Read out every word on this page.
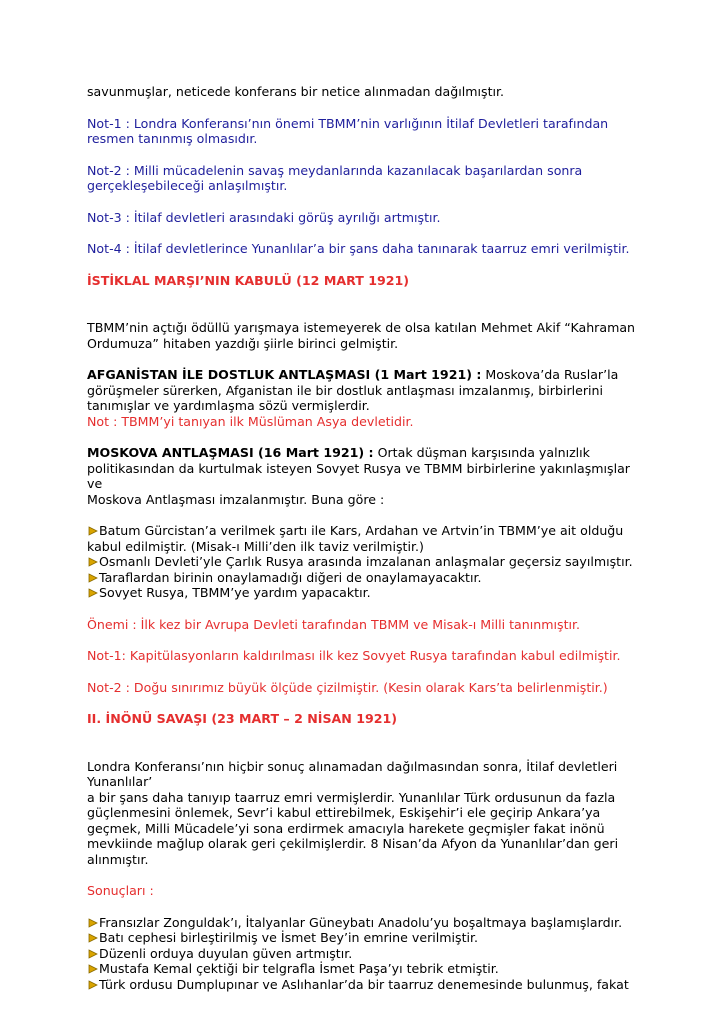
savunmuşlar, neticede konferans bir netice alınmadan dağılmıştır.

Not-1 : Londra Konferansı’nın önemi TBMM’nin varlığının İtilaf Devletleri tarafından

resmen tanınmış olmasıdır.

Not-2 : Milli mücadelenin savaş meydanlarında kazanılacak başarılardan sonra

gerçekleşebileceği anlaşılmıştır.

Not-3 : İtilaf devletleri arasındaki görüş ayrılığı artmıştır.

Not-4 : İtilaf devletlerince Yunanlılar’a bir şans daha tanınarak taarruz emri verilmiştir.

İSTİKLAL MARŞI’NIN KABULÜ (12 MART 1921)

TBMM’nin açtığı ödüllü yarışmaya istemeyerek de olsa katılan Mehmet Akif “Kahraman

Ordumuza” hitaben yazdığı şiirle birinci gelmiştir.

AFGANİSTAN İLE DOSTLUK ANTLAŞMASI (1 Mart 1921) : Moskova’da Ruslar’la

görüşmeler sürerken, Afganistan ile bir dostluk antlaşması imzalanmış, birbirlerini

tanımışlar ve yardımlaşma sözü vermişlerdir.

Not : TBMM’yi tanıyan ilk Müslüman Asya devletidir.

MOSKOVA ANTLAŞMASI (16 Mart 1921) : Ortak düşman karşısında yalnızlık

politikasından da kurtulmak isteyen Sovyet Rusya ve TBMM birbirlerine yakınlaşmışlar ve

Moskova Antlaşması imzalanmıştır. Buna göre :

Batum Gürcistan’a verilmek şartı ile Kars, Ardahan ve Artvin’in TBMM’ye ait olduğu

kabul edilmiştir. (Misak-ı Milli’den ilk taviz verilmiştir.)

Osmanlı Devleti’yle Çarlık Rusya arasında imzalanan anlaşmalar geçersiz sayılmıştır.

Taraflardan birinin onaylamadığı diğeri de onaylamayacaktır.

Sovyet Rusya, TBMM’ye yardım yapacaktır.

Önemi : İlk kez bir Avrupa Devleti tarafından TBMM ve Misak-ı Milli tanınmıştır.

Not-1: Kapitülasyonların kaldırılması ilk kez Sovyet Rusya tarafından kabul edilmiştir.

Not-2 : Doğu sınırımız büyük ölçüde çizilmiştir. (Kesin olarak Kars’ta belirlenmiştir.)

II. İNÖNÜ SAVAŞI (23 MART – 2 NİSAN 1921)

Londra Konferansı’nın hiçbir sonuç alınamadan dağılmasından sonra, İtilaf devletleri

Yunanlılar’

a bir şans daha tanıyıp taarruz emri vermişlerdir. Yunanlılar Türk ordusunun da fazla

güçlenmesini önlemek, Sevr’i kabul ettirebilmek, Eskişehir’i ele geçirip Ankara’ya

geçmek, Milli Mücadele’yi sona erdirmek amacıyla harekete geçmişler fakat inönü

mevkiinde mağlup olarak geri çekilmişlerdir. 8 Nisan’da Afyon da Yunanlılar’dan geri

alınmıştır.

Sonuçları :

Fransızlar Zonguldak’ı, İtalyanlar Güneybatı Anadolu’yu boşaltmaya başlamışlardır.

Batı cephesi birleştirilmiş ve İsmet Bey’in emrine verilmiştir.

Düzenli orduya duyulan güven artmıştır.

Mustafa Kemal çektiği bir telgrafla İsmet Paşa’yı tebrik etmiştir.

Türk ordusu Dumplupınar ve Aslıhanlar’da bir taarruz denemesinde bulunmuş, fakat
